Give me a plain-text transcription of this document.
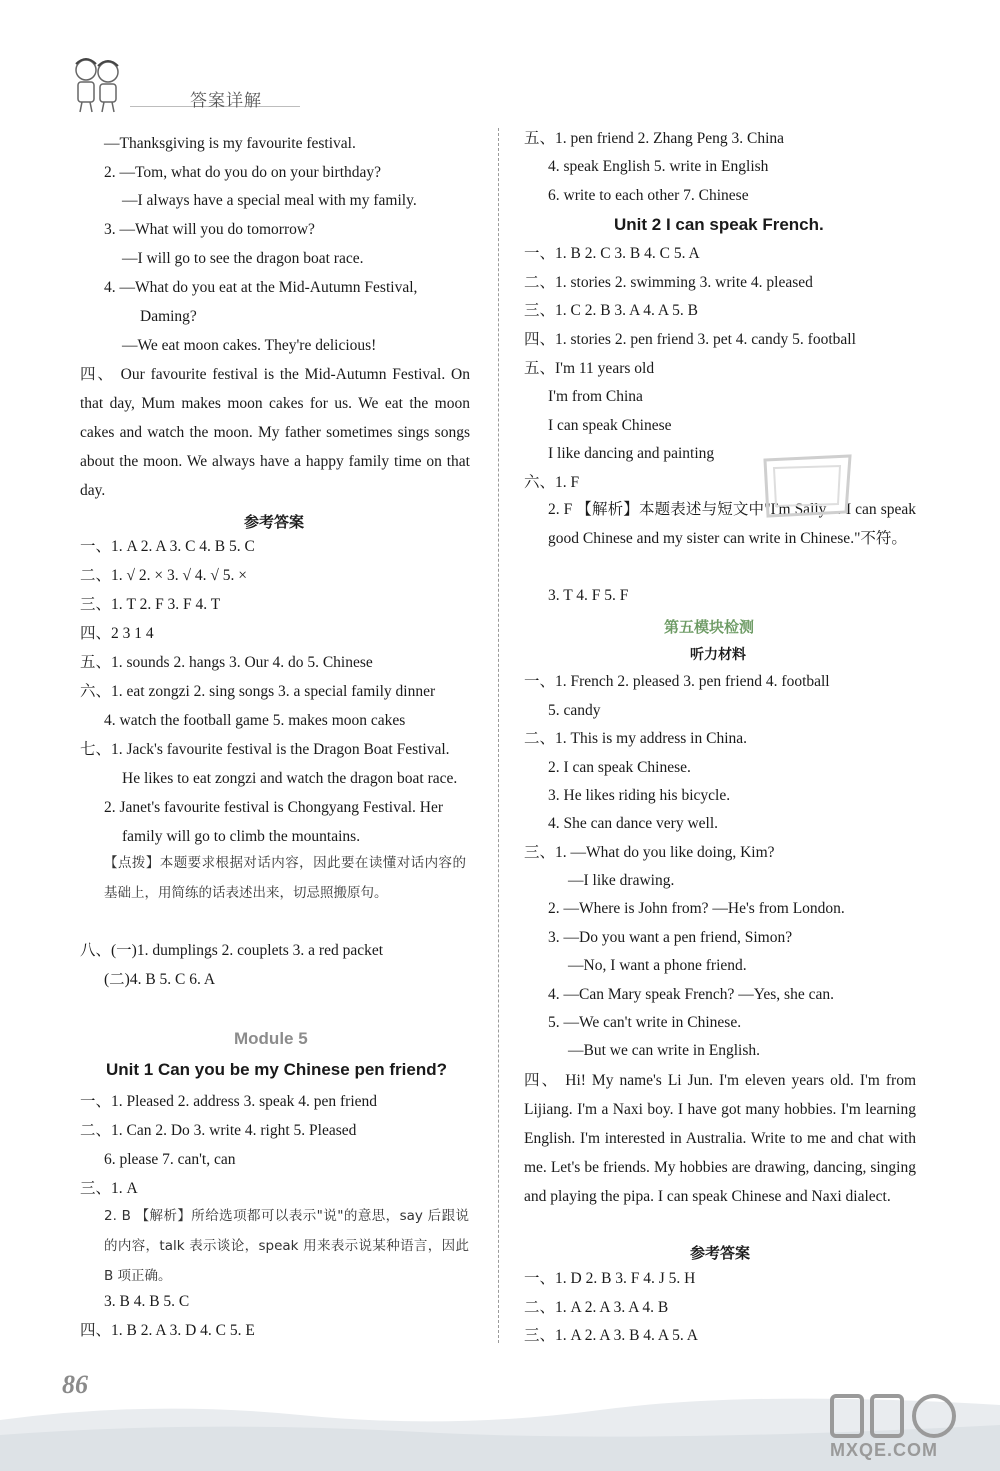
答案详解
—Thanksgiving is my favourite festival.
2. —Tom, what do you do on your birthday?
—I always have a special meal with my family.
3. —What will you do tomorrow?
—I will go to see the dragon boat race.
4. —What do you eat at the Mid-Autumn Festival,
Daming?
—We eat moon cakes. They're delicious!
四、 Our favourite festival is the Mid-Autumn Festival. On that day, Mum makes moon cakes for us. We eat the moon cakes and watch the moon. My father sometimes sings songs about the moon. We always have a happy family time on that day.
参考答案
一、1. A 2. A 3. C 4. B 5. C
二、1. √ 2. × 3. √ 4. √ 5. ×
三、1. T 2. F 3. F 4. T
四、2 3 1 4
五、1. sounds 2. hangs 3. Our 4. do 5. Chinese
六、1. eat zongzi 2. sing songs 3. a special family dinner
4. watch the football game 5. makes moon cakes
七、1. Jack's favourite festival is the Dragon Boat Festival.
He likes to eat zongzi and watch the dragon boat race.
2. Janet's favourite festival is Chongyang Festival. Her
family will go to climb the mountains.
【点拨】本题要求根据对话内容，因此要在读懂对话内容的基础上，用简练的话表述出来，切忌照搬原句。
八、(一)1. dumplings 2. couplets 3. a red packet
(二)4. B 5. C 6. A
Module 5
Unit 1 Can you be my Chinese pen friend?
一、1. Pleased 2. address 3. speak 4. pen friend
二、1. Can 2. Do 3. write 4. right 5. Pleased
6. please 7. can't, can
三、1. A
2. B 【解析】所给选项都可以表示"说"的意思，say 后跟说的内容，talk 表示谈论，speak 用来表示说某种语言，因此 B 项正确。
3. B 4. B 5. C
四、1. B 2. A 3. D 4. C 5. E
五、1. pen friend 2. Zhang Peng 3. China
4. speak English 5. write in English
6. write to each other 7. Chinese
Unit 2 I can speak French.
一、1. B 2. C 3. B 4. C 5. A
二、1. stories 2. swimming 3. write 4. pleased
三、1. C 2. B 3. A 4. A 5. B
四、1. stories 2. pen friend 3. pet 4. candy 5. football
五、I'm 11 years old
I'm from China
I can speak Chinese
I like dancing and painting
六、1. F
2. F 【解析】本题表述与短文中"I'm Sally… I can speak good Chinese and my sister can write in Chinese."不符。
3. T 4. F 5. F
第五模块检测
听力材料
一、1. French 2. pleased 3. pen friend 4. football
5. candy
二、1. This is my address in China.
2. I can speak Chinese.
3. He likes riding his bicycle.
4. She can dance very well.
三、1. —What do you like doing, Kim?
—I like drawing.
2. —Where is John from? —He's from London.
3. —Do you want a pen friend, Simon?
—No, I want a phone friend.
4. —Can Mary speak French? —Yes, she can.
5. —We can't write in Chinese.
—But we can write in English.
四、 Hi! My name's Li Jun. I'm eleven years old. I'm from Lijiang. I'm a Naxi boy. I have got many hobbies. I'm learning English. I'm interested in Australia. Write to me and chat with me. Let's be friends. My hobbies are drawing, dancing, singing and playing the pipa. I can speak Chinese and Naxi dialect.
参考答案
一、1. D 2. B 3. F 4. J 5. H
二、1. A 2. A 3. A 4. B
三、1. A 2. A 3. B 4. A 5. A
86
MXQE.COM
